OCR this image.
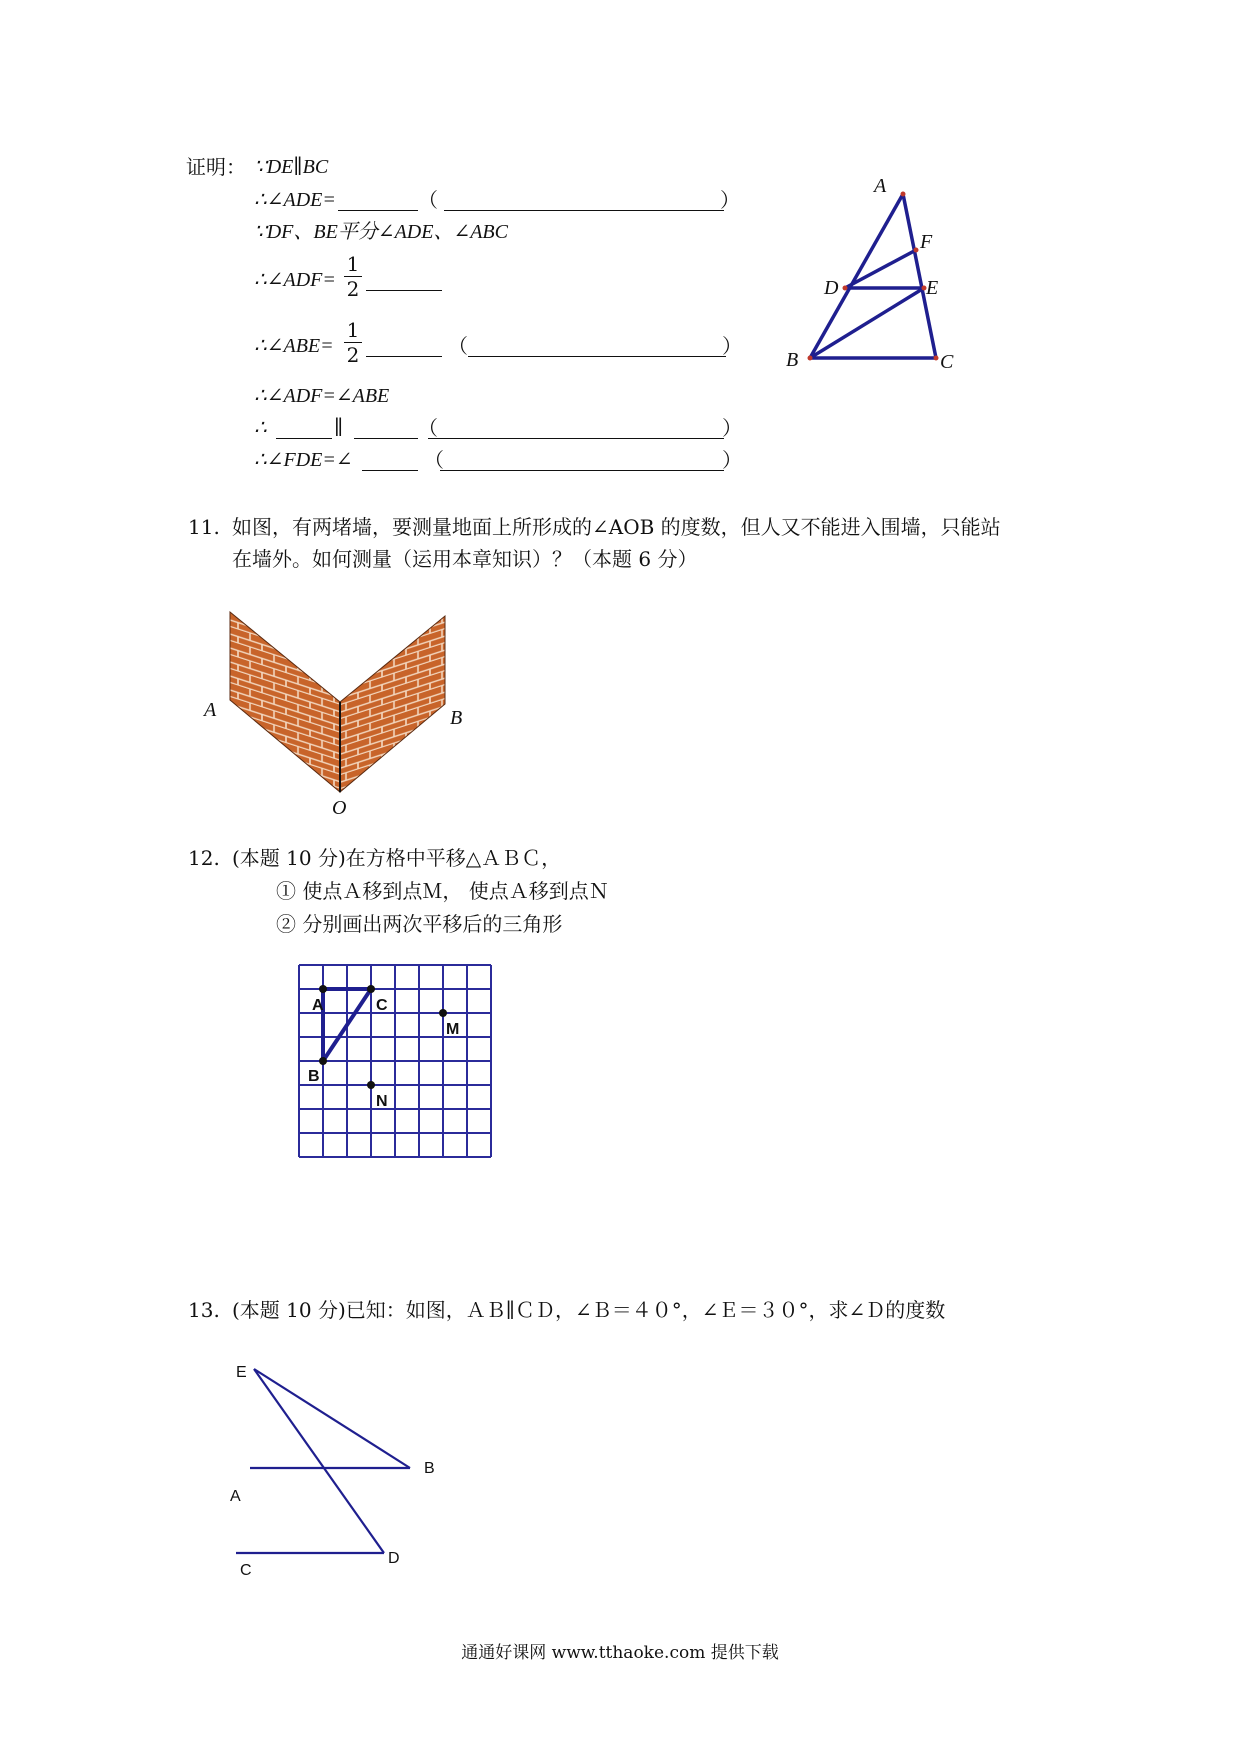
证明： ∵DE∥BC
∴∠ADE=	（	）
∵DF、BE平分∠ADE、∠ABC
∴∠ADF=
1
2
∴∠ABE=
1
2	（	）
∴∠ADF=∠ABE
∴	∥	（	）
∴∠FDE=∠	（	）
A
B	C
D	E
F
11. 如图，有两堵墙，要测量地面上所形成的∠AOB 的度数，但人又不能进入围墙，只能站
在墙外。如何测量（运用本章知识）？（本题 6 分）
A	B
O
12. (本题 10 分)在方格中平移△ＡＢＣ，
① 使点Ａ移到点Ｍ， 使点Ａ移到点Ｎ
② 分别画出两次平移后的三角形
A
B
C
M
N
13. (本题 10 分)已知：如图，ＡＢ∥ＣＤ，∠Ｂ＝４０°，∠Ｅ＝３０°，求∠Ｄ的度数
E
B
A
C
D
通通好课网 www.tthaoke.com 提供下载
